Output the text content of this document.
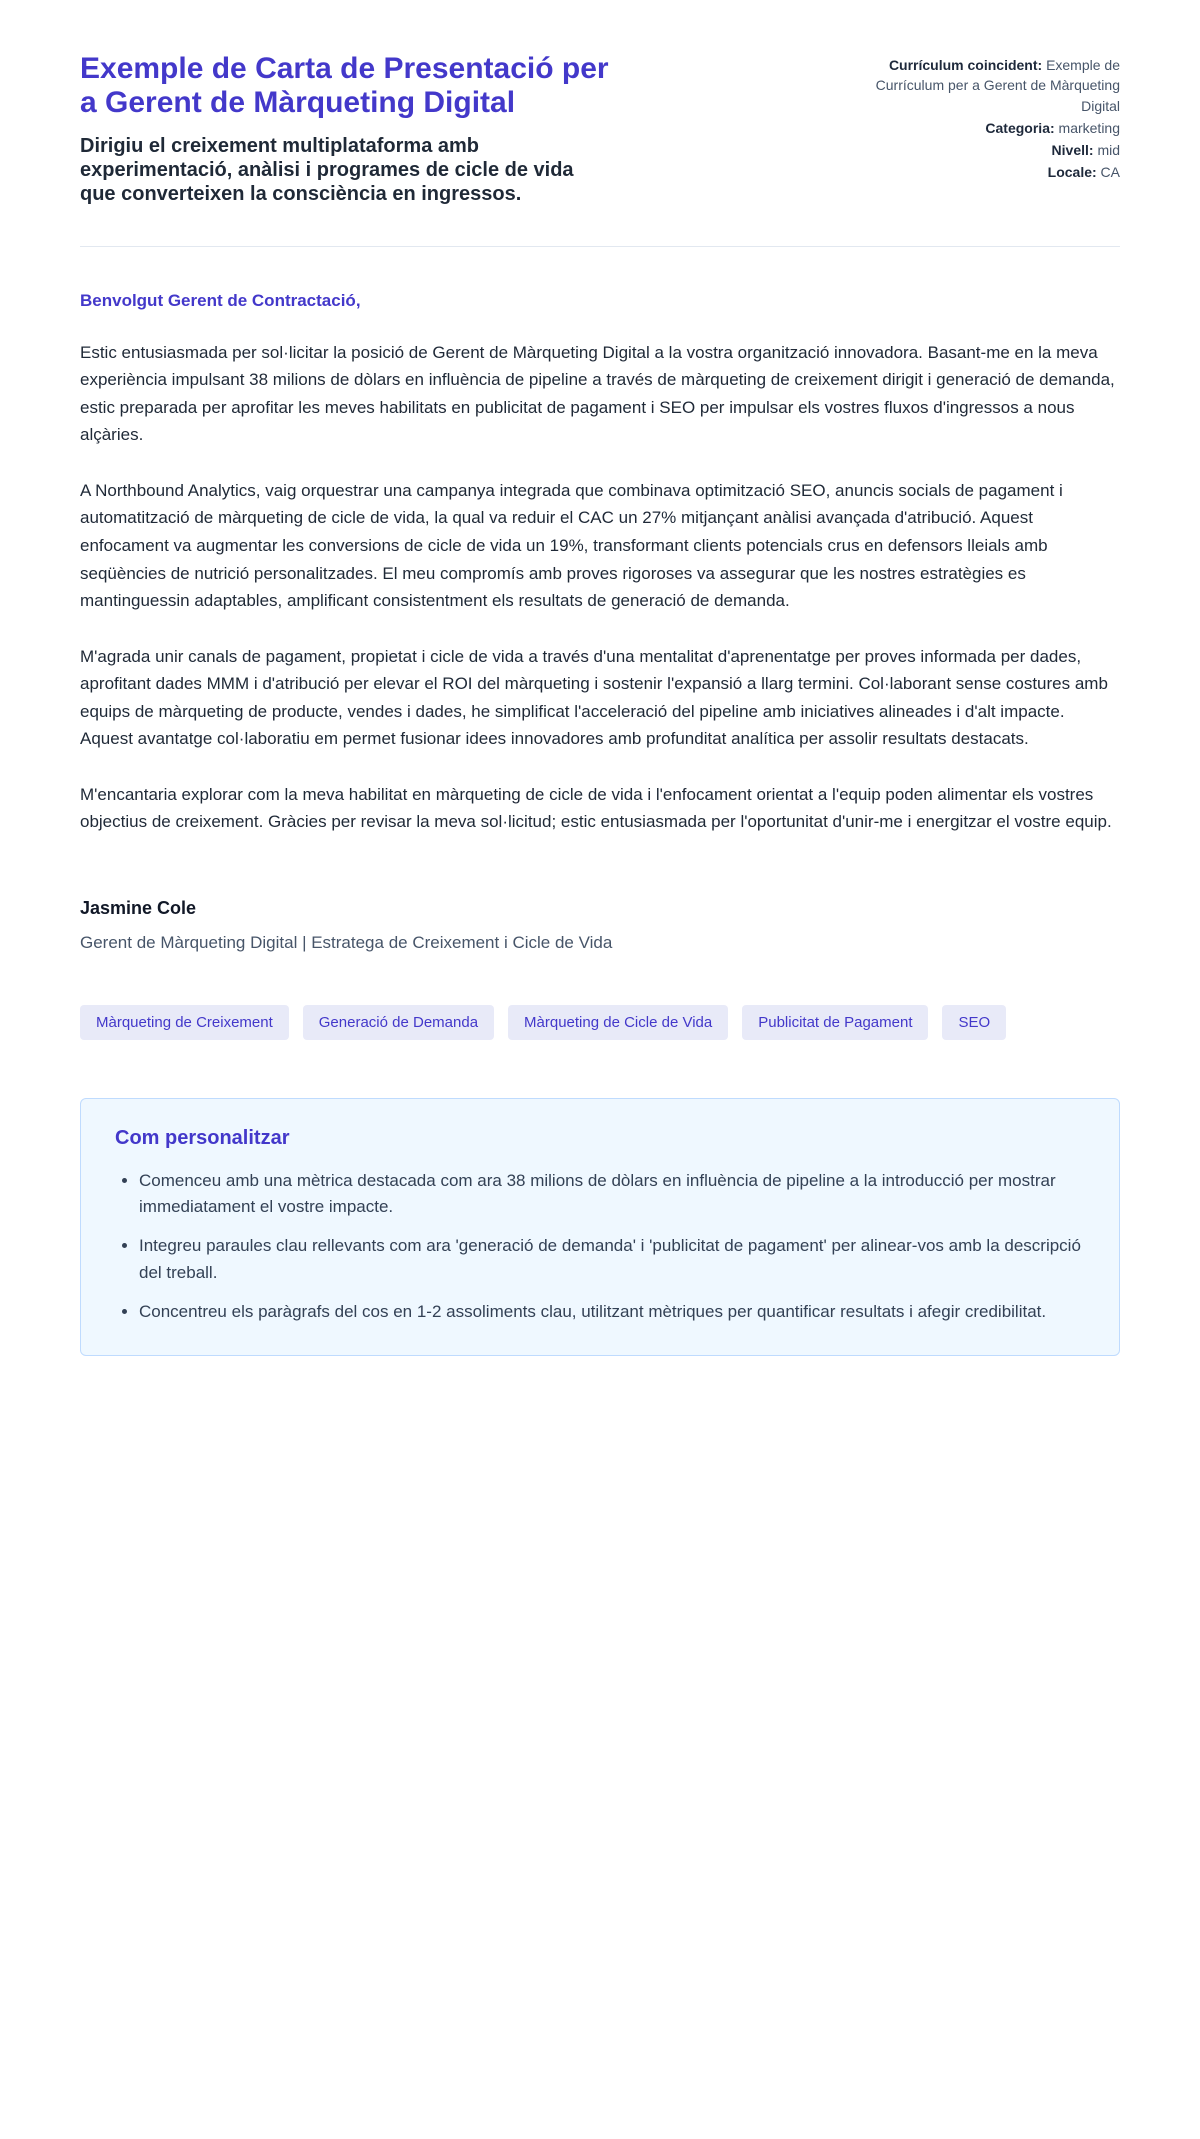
Exemple de Carta de Presentació per a Gerent de Màrqueting Digital

Dirigiu el creixement multiplataforma amb experimentació, anàlisi i programes de cicle de vida que converteixen la consciència en ingressos.

Currículum coincident: Exemple de Currículum per a Gerent de Màrqueting Digital
Categoria: marketing
Nivell: mid
Locale: CA

Benvolgut Gerent de Contractació,

Estic entusiasmada per sol·licitar la posició de Gerent de Màrqueting Digital a la vostra organització innovadora. Basant-me en la meva experiència impulsant 38 milions de dòlars en influència de pipeline a través de màrqueting de creixement dirigit i generació de demanda, estic preparada per aprofitar les meves habilitats en publicitat de pagament i SEO per impulsar els vostres fluxos d'ingressos a nous alçàries.

A Northbound Analytics, vaig orquestrar una campanya integrada que combinava optimització SEO, anuncis socials de pagament i automatització de màrqueting de cicle de vida, la qual va reduir el CAC un 27% mitjançant anàlisi avançada d'atribució. Aquest enfocament va augmentar les conversions de cicle de vida un 19%, transformant clients potencials crus en defensors lleials amb seqüències de nutrició personalitzades. El meu compromís amb proves rigoroses va assegurar que les nostres estratègies es mantinguessin adaptables, amplificant consistentment els resultats de generació de demanda.

M'agrada unir canals de pagament, propietat i cicle de vida a través d'una mentalitat d'aprenentatge per proves informada per dades, aprofitant dades MMM i d'atribució per elevar el ROI del màrqueting i sostenir l'expansió a llarg termini. Col·laborant sense costures amb equips de màrqueting de producte, vendes i dades, he simplificat l'acceleració del pipeline amb iniciatives alineades i d'alt impacte. Aquest avantatge col·laboratiu em permet fusionar idees innovadores amb profunditat analítica per assolir resultats destacats.

M'encantaria explorar com la meva habilitat en màrqueting de cicle de vida i l'enfocament orientat a l'equip poden alimentar els vostres objectius de creixement. Gràcies per revisar la meva sol·licitud; estic entusiasmada per l'oportunitat d'unir-me i energitzar el vostre equip.

Jasmine Cole

Gerent de Màrqueting Digital | Estratega de Creixement i Cicle de Vida

Màrqueting de Creixement	Generació de Demanda	Màrqueting de Cicle de Vida	Publicitat de Pagament	SEO
Com personalitzar
• Comenceu amb una mètrica destacada com ara 38 milions de dòlars en influència de pipeline a la introducció per mostrar immediatament el vostre impacte.
• Integreu paraules clau rellevants com ara 'generació de demanda' i 'publicitat de pagament' per alinear-vos amb la descripció del treball.
• Concentreu els paràgrafs del cos en 1-2 assoliments clau, utilitzant mètriques per quantificar resultats i afegir credibilitat.
